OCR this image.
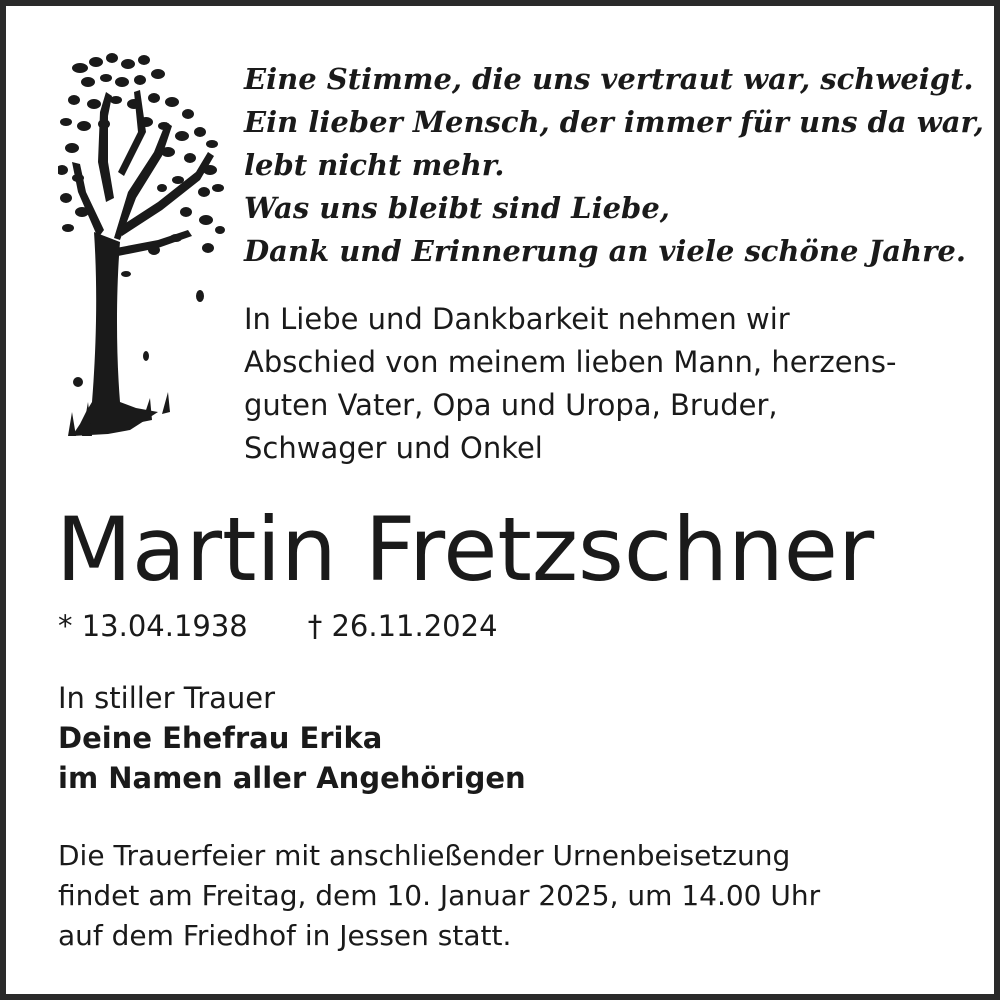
Eine Stimme, die uns vertraut war, schweigt.
Ein lieber Mensch, der immer für uns da war,
lebt nicht mehr.
Was uns bleibt sind Liebe,
Dank und Erinnerung an viele schöne Jahre.
In Liebe und Dankbarkeit nehmen wir
Abschied von meinem lieben Mann, herzens-
guten Vater, Opa und Uropa, Bruder,
Schwager und Onkel
Martin Fretzschner
* 13.04.1938 † 26.11.2024
In stiller Trauer
Deine Ehefrau Erika
im Namen aller Angehörigen
Die Trauerfeier mit anschließender Urnenbeisetzung
findet am Freitag, dem 10. Januar 2025, um 14.00 Uhr
auf dem Friedhof in Jessen statt.
